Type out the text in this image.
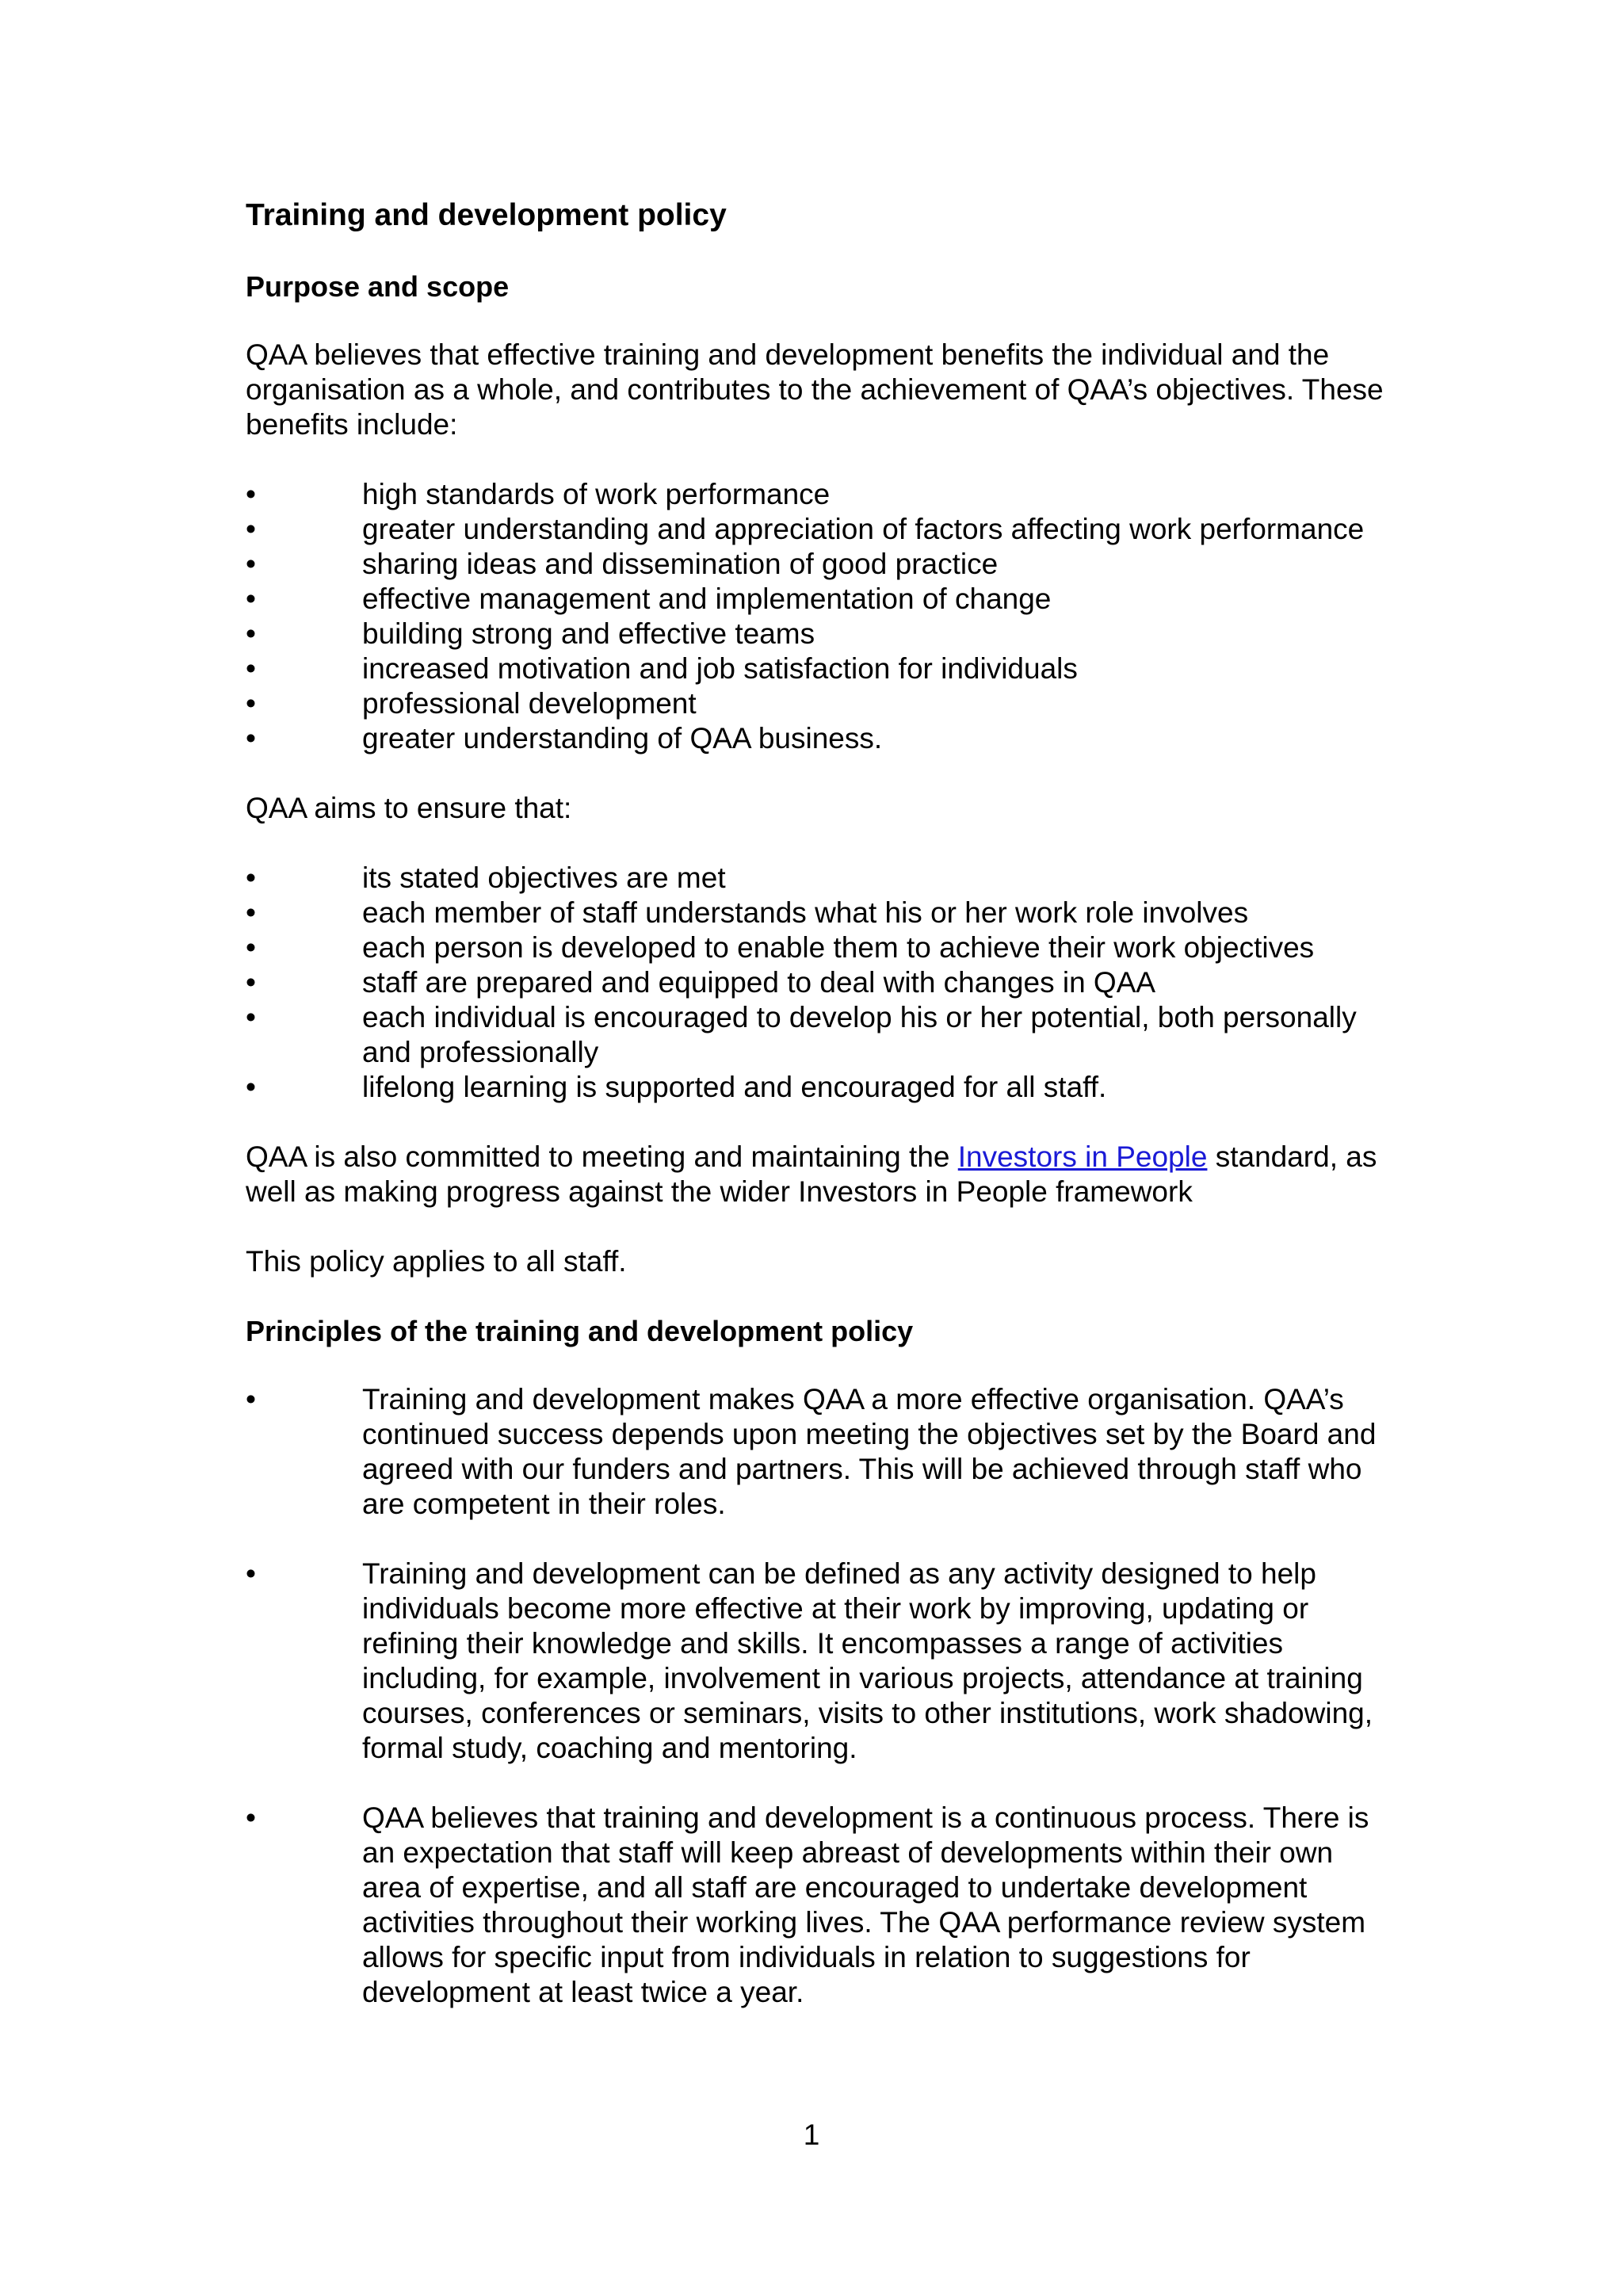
Training and development policy
Purpose and scope

QAA believes that effective training and development benefits the individual and the organisation as a whole, and contributes to the achievement of QAA’s objectives. These benefits include:

•	high standards of work performance
•	greater understanding and appreciation of factors affecting work performance
•	sharing ideas and dissemination of good practice
•	effective management and implementation of change
•	building strong and effective teams
•	increased motivation and job satisfaction for individuals
•	professional development
•	greater understanding of QAA business.

QAA aims to ensure that:

•	its stated objectives are met
•	each member of staff understands what his or her work role involves
•	each person is developed to enable them to achieve their work objectives
•	staff are prepared and equipped to deal with changes in QAA
•	each individual is encouraged to develop his or her potential, both personally and professionally
•	lifelong learning is supported and encouraged for all staff.

QAA is also committed to meeting and maintaining the Investors in People standard, as well as making progress against the wider Investors in People framework

This policy applies to all staff.

Principles of the training and development policy
•	Training and development makes QAA a more effective organisation. QAA’s continued success depends upon meeting the objectives set by the Board and agreed with our funders and partners. This will be achieved through staff who are competent in their roles.
•	Training and development can be defined as any activity designed to help individuals become more effective at their work by improving, updating or refining their knowledge and skills. It encompasses a range of activities including, for example, involvement in various projects, attendance at training courses, conferences or seminars, visits to other institutions, work shadowing, formal study, coaching and mentoring.
•	QAA believes that training and development is a continuous process. There is an expectation that staff will keep abreast of developments within their own area of expertise, and all staff are encouraged to undertake development activities throughout their working lives. The QAA performance review system allows for specific input from individuals in relation to suggestions for development at least twice a year.
1
